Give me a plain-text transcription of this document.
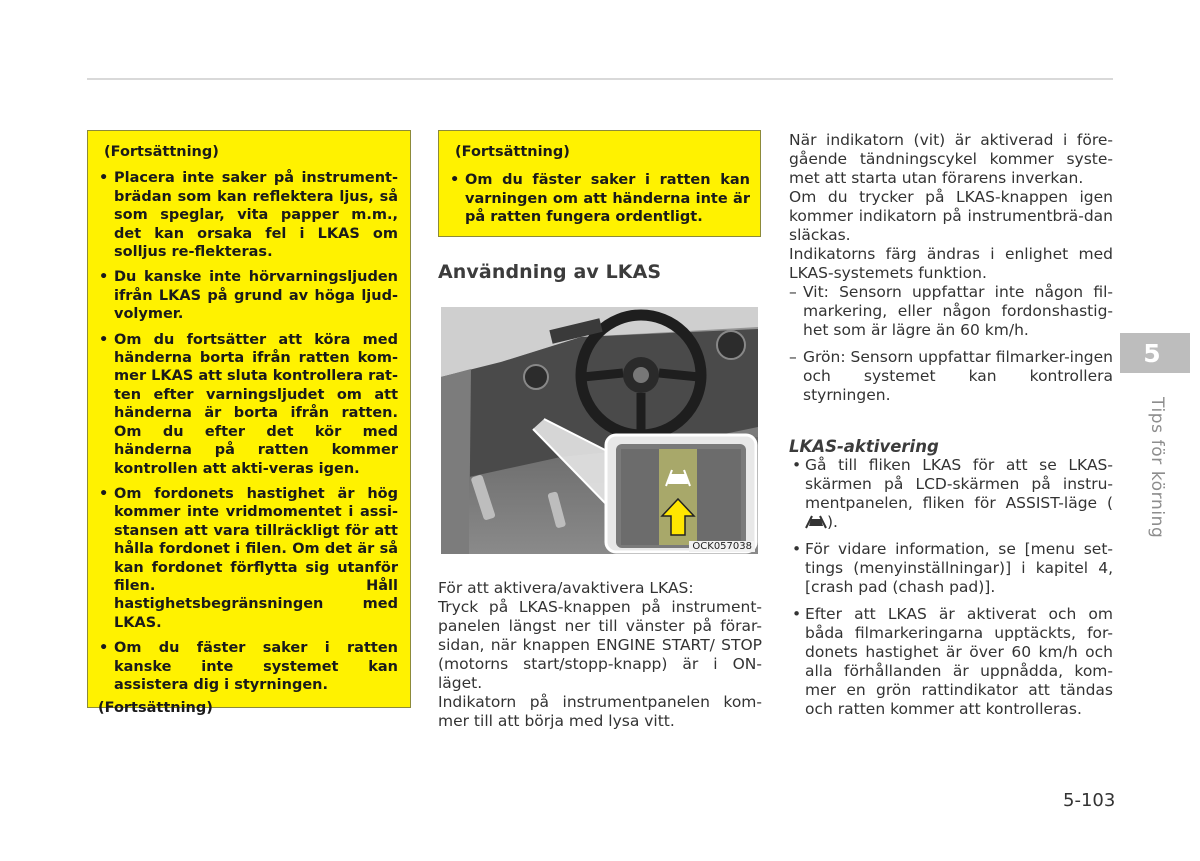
(Fortsättning)
• Placera inte saker på instrument-brädan som kan reflektera ljus, så som speglar, vita papper m.m., det kan orsaka fel i LKAS om solljus re-flekteras.
• Du kanske inte hörvarningsljuden ifrån LKAS på grund av höga ljud-volymer.
• Om du fortsätter att köra med händerna borta ifrån ratten kom-mer LKAS att sluta kontrollera rat-ten efter varningsljudet om att händerna är borta ifrån ratten. Om du efter det kör med händerna på ratten kommer kontrollen att akti-veras igen.
• Om fordonets hastighet är hög kommer inte vridmomentet i assi-stansen att vara tillräckligt för att hålla fordonet i filen. Om det är så kan fordonet förflytta sig utanför filen. Håll hastighetsbegränsningen med LKAS.
• Om du fäster saker i ratten kanske inte systemet kan assistera dig i styrningen.
(Fortsättning)
(Fortsättning)
• Om du fäster saker i ratten kan varningen om att händerna inte är på ratten fungera ordentligt.
Användning av LKAS
OCK057038

För att aktivera/avaktivera LKAS:

Tryck på LKAS-knappen på instrument-panelen längst ner till vänster på förar-sidan, när knappen ENGINE START/ STOP (motorns start/stopp-knapp) är i ON-läget.

Indikatorn på instrumentpanelen kom-mer till att börja med lysa vitt.

När indikatorn (vit) är aktiverad i före-gående tändningscykel kommer syste-met att starta utan förarens inverkan.

Om du trycker på LKAS-knappen igen kommer indikatorn på instrumentbrä-dan släckas.

Indikatorns färg ändras i enlighet med LKAS-systemets funktion.

– Vit: Sensorn uppfattar inte någon fil-markering, eller någon fordonshastig-het som är lägre än 60 km/h.
– Grön: Sensorn uppfattar filmarker-ingen och systemet kan kontrollera styrningen.
LKAS-aktivering
• Gå till fliken LKAS för att se LKAS-skärmen på LCD-skärmen på instru-mentpanelen, fliken för ASSIST-läge ().
• För vidare information, se [menu set-tings (menyinställningar)] i kapitel 4, [crash pad (chash pad)].
• Efter att LKAS är aktiverat och om båda filmarkeringarna upptäckts, for-donets hastighet är över 60 km/h och alla förhållanden är uppnådda, kom-mer en grön rattindikator att tändas och ratten kommer att kontrolleras.
5
Tips för körning
5-103
